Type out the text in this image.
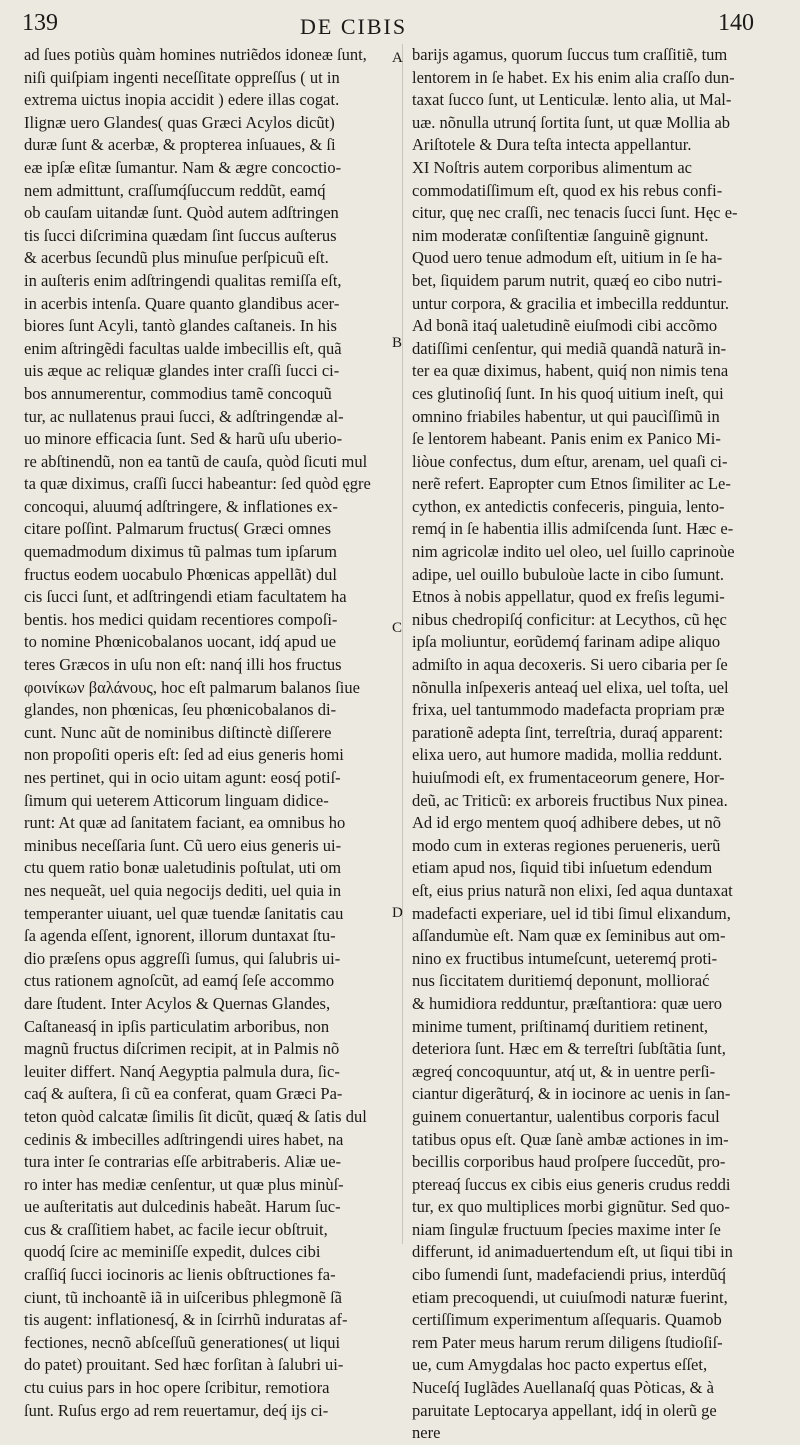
139	DE CIBIS	140
ad ſues potiùs quàm homines nutriẽdos idoneæ ſunt,
niſi quiſpiam ingenti neceſſitate oppreſſus ( ut in
extrema uictus inopia accidit ) edere illas cogat.
Ilignæ uero Glandes( quas Græci Acylos dicũt)
duræ ſunt & acerbæ, & propterea inſuaues, & ſi
eæ ipſæ eſitæ ſumantur. Nam & ægre concoctio-
nem admittunt, craſſumq́ſuccum reddũt, eamq́
ob cauſam uitandæ ſunt. Quòd autem adſtringen
tis ſucci diſcrimina quædam ſint ſuccus auſterus
& acerbus ſecundũ plus minuſue perſpicuũ eſt.
in auſteris enim adſtringendi qualitas remiſſa eſt,
in acerbis intenſa. Quare quanto glandibus acer-
biores ſunt Acyli, tantò glandes caſtaneis. In his
enim aſtringẽdi facultas ualde imbecillis eſt, quã
uis æque ac reliquæ glandes inter craſſi ſucci ci-
bos annumerentur, commodius tamẽ concoquũ
tur, ac nullatenus praui ſucci, & adſtringendæ al-
uo minore efficacia ſunt. Sed & harũ uſu uberio-
re abſtinendũ, non ea tantũ de cauſa, quòd ſicuti mul
ta quæ diximus, craſſi ſucci habeantur: ſed quòd ęgre
concoqui, aluumq́ adſtringere, & inflationes ex-
citare poſſint. Palmarum fructus( Græci omnes
quemadmodum diximus tũ palmas tum ipſarum
fructus eodem uocabulo Phœnicas appellãt) dul
cis ſucci ſunt, et adſtringendi etiam facultatem ha
bentis. hos medici quidam recentiores compoſi-
to nomine Phœnicobalanos uocant, idq́ apud ue
teres Græcos in uſu non eſt: nanq́ illi hos fructus
φοινίκων βαλάνους, hoc eſt palmarum balanos ſiue
glandes, non phœnicas, ſeu phœnicobalanos di-
cunt. Nunc aũt de nominibus diſtinctè diſſerere
non propoſiti operis eſt: ſed ad eius generis homi
nes pertinet, qui in ocio uitam agunt: eosq́ potiſ-
ſimum qui ueterem Atticorum linguam didice-
runt: At quæ ad ſanitatem faciant, ea omnibus ho
minibus neceſſaria ſunt. Cũ uero eius generis ui-
ctu quem ratio bonæ ualetudinis poſtulat, uti om
nes nequeãt, uel quia negocijs dediti, uel quia in
temperanter uiuant, uel quæ tuendæ ſanitatis cau
ſa agenda eſſent, ignorent, illorum duntaxat ſtu-
dio præſens opus aggreſſi ſumus, qui ſalubris ui-
ctus rationem agnoſcũt, ad eamq́ ſeſe accommo
dare ſtudent. Inter Acylos & Quernas Glandes,
Caſtaneasq́ in ipſis particulatim arboribus, non
magnũ fructus diſcrimen recipit, at in Palmis nõ
leuiter differt. Nanq́ Aegyptia palmula dura, ſic-
caq́ & auſtera, ſi cũ ea conferat, quam Græci Pa-
teton quòd calcatæ ſimilis ſit dicũt, quæq́ & ſatis dul
cedinis & imbecilles adſtringendi uires habet, na
tura inter ſe contrarias eſſe arbitraberis. Aliæ ue-
ro inter has mediæ cenſentur, ut quæ plus minùſ-
ue auſteritatis aut dulcedinis habeãt. Harum ſuc-
cus & craſſitiem habet, ac facile iecur obſtruit,
quodq́ ſcire ac meminiſſe expedit, dulces cibi
craſſiq́ ſucci iocinoris ac lienis obſtructiones fa-
ciunt, tũ inchoantẽ iã in uiſceribus phlegmonẽ ſã
tis augent: inflationesq́, & in ſcirrhũ induratas af-
fectiones, necnõ abſceſſuũ generationes( ut liqui
do patet) prouitant. Sed hæc forſitan à ſalubri ui-
ctu cuius pars in hoc opere ſcribitur, remotiora
ſunt. Ruſus ergo ad rem reuertamur, deq́ ijs ci-
barijs agamus, quorum ſuccus tum craſſitiẽ, tum
lentorem in ſe habet. Ex his enim alia craſſo dun-
taxat ſucco ſunt, ut Lenticulæ. lento alia, ut Mal-
uæ. nõnulla utrunq́ ſortita ſunt, ut quæ Mollia ab
Ariſtotele & Dura teſta intecta appellantur.
XI Noſtris autem corporibus alimentum ac
commodatiſſimum eſt, quod ex his rebus confi-
citur, quę nec craſſi, nec tenacis ſucci ſunt. Hęc e-
nim moderatæ conſiſtentiæ ſanguinẽ gignunt.
Quod uero tenue admodum eſt, uitium in ſe ha-
bet, ſiquidem parum nutrit, quæq́ eo cibo nutri-
untur corpora, & gracilia et imbecilla redduntur.
Ad bonã itaq́ ualetudinẽ eiuſmodi cibi accõmo
datiſſimi cenſentur, qui mediã quandã naturã in-
ter ea quæ diximus, habent, quiq́ non nimis tena
ces glutinoſiq́ ſunt. In his quoq́ uitium ineſt, qui
omnino friabiles habentur, ut qui paucìſſimũ in
ſe lentorem habeant. Panis enim ex Panico Mi-
liòue confectus, dum eſtur, arenam, uel quaſi ci-
nerẽ refert. Eapropter cum Etnos ſimiliter ac Le-
cython, ex antedictis confeceris, pinguia, lento-
remq́ in ſe habentia illis admiſcenda ſunt. Hæc e-
nim agricolæ indito uel oleo, uel ſuillo caprinoùe
adipe, uel ouillo bubuloùe lacte in cibo ſumunt.
Etnos à nobis appellatur, quod ex freſis legumi-
nibus chedropiſq́ conficitur: at Lecythos, cũ hęc
ipſa moliuntur, eorũdemq́ farinam adipe aliquo
admiſto in aqua decoxeris. Si uero cibaria per ſe
nõnulla inſpexeris anteaq́ uel elixa, uel toſta, uel
frixa, uel tantummodo madefacta propriam præ
parationẽ adepta ſint, terreſtria, duraq́ apparent:
elixa uero, aut humore madida, mollia reddunt.
huiuſmodi eſt, ex frumentaceorum genere, Hor-
deũ, ac Triticũ: ex arboreis fructibus Nux pinea.
Ad id ergo mentem quoq́ adhibere debes, ut nõ
modo cum in exteras regiones perueneris, uerũ
etiam apud nos, ſiquid tibi inſuetum edendum
eſt, eius prius naturã non elixi, ſed aqua duntaxat
madefacti experiare, uel id tibi ſimul elixandum,
aſſandumùe eſt. Nam quæ ex ſeminibus aut om-
nino ex fructibus intumeſcunt, ueteremq́ proti-
nus ſiccitatem duritiemq́ deponunt, molliorać
& humidiora redduntur, præſtantiora: quæ uero
minime tument, priſtinamq́ duritiem retinent,
deteriora ſunt. Hæc em & terreſtri ſubſtãtia ſunt,
ægreq́ concoquuntur, atq́ ut, & in uentre perſi-
ciantur digerãturq́, & in iocinore ac uenis in ſan-
guinem conuertantur, ualentibus corporis facul
tatibus opus eſt. Quæ ſanè ambæ actiones in im-
becillis corporibus haud proſpere ſuccedũt, pro-
ptereaq́ ſuccus ex cibis eius generis crudus reddi
tur, ex quo multiplices morbi gignũtur. Sed quo-
niam ſingulæ fructuum ſpecies maxime inter ſe
differunt, id animaduertendum eſt, ut ſiqui tibi in
cibo ſumendi ſunt, madefaciendi prius, interdũq́
etiam precoquendi, ut cuiuſmodi naturæ fuerint,
certiſſimum experimentum aſſequaris. Quamob
rem Pater meus harum rerum diligens ſtudioſiſ-
ue, cum Amygdalas hoc pacto expertus eſſet,
Nuceſq́ Iuglãdes Auellanaſq́ quas Pòticas, & à
paruitate Leptocarya appellant, idq́ in olerũ ge
nere
A
B
C
D
